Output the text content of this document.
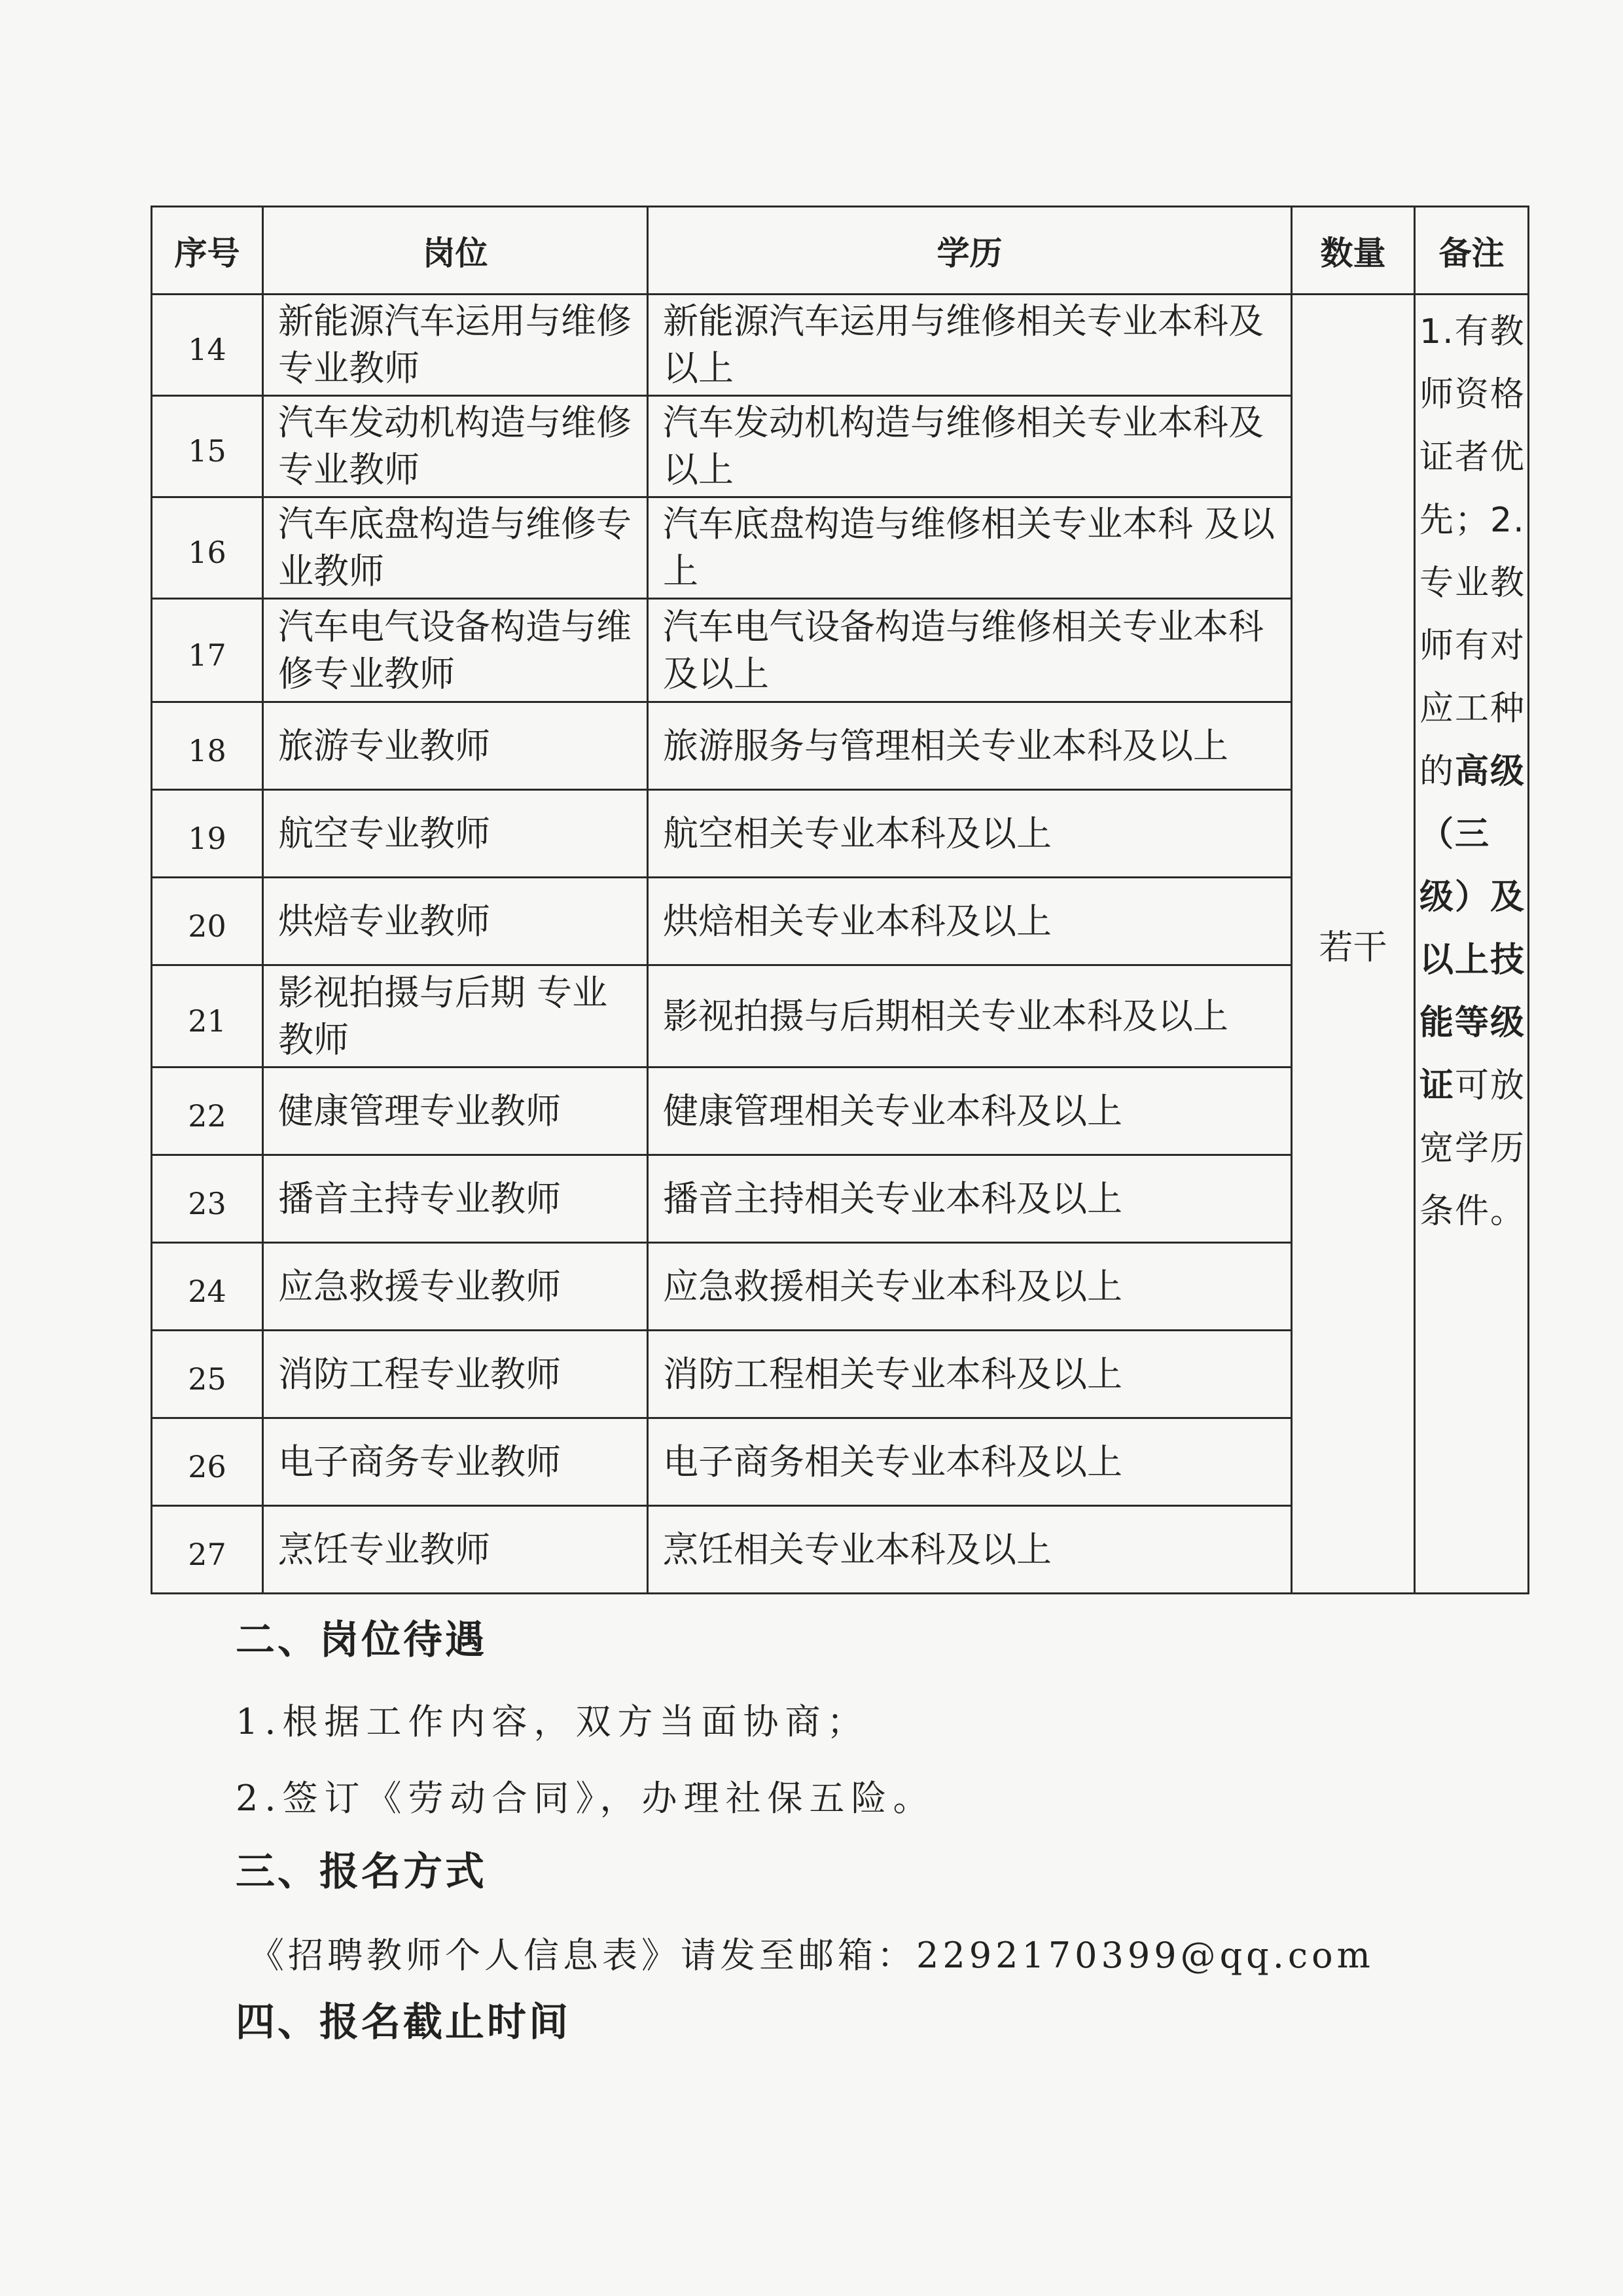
序号	岗位	学历	数量	备注
14	新能源汽车运用与维修专业教师	新能源汽车运用与维修相关专业本科及以上	若干	1.有教师资格证者优先；2.专业教师有对应工种的高级（三级）及以上技能等级证可放宽学历条件。
15	汽车发动机构造与维修专业教师	汽车发动机构造与维修相关专业本科及以上		
16	汽车底盘构造与维修专业教师	汽车底盘构造与维修相关专业本科 及以上		
17	汽车电气设备构造与维修专业教师	汽车电气设备构造与维修相关专业本科及以上		
18	旅游专业教师	旅游服务与管理相关专业本科及以上		
19	航空专业教师	航空相关专业本科及以上		
20	烘焙专业教师	烘焙相关专业本科及以上		
21	影视拍摄与后期 专业教师	影视拍摄与后期相关专业本科及以上		
22	健康管理专业教师	健康管理相关专业本科及以上		
23	播音主持专业教师	播音主持相关专业本科及以上		
24	应急救援专业教师	应急救援相关专业本科及以上		
25	消防工程专业教师	消防工程相关专业本科及以上		
26	电子商务专业教师	电子商务相关专业本科及以上		
27	烹饪专业教师	烹饪相关专业本科及以上		
二、岗位待遇
1.根据工作内容，双方当面协商；
2.签订《劳动合同》，办理社保五险。
三、报名方式
《招聘教师个人信息表》请发至邮箱：2292170399@qq.com
四、报名截止时间
